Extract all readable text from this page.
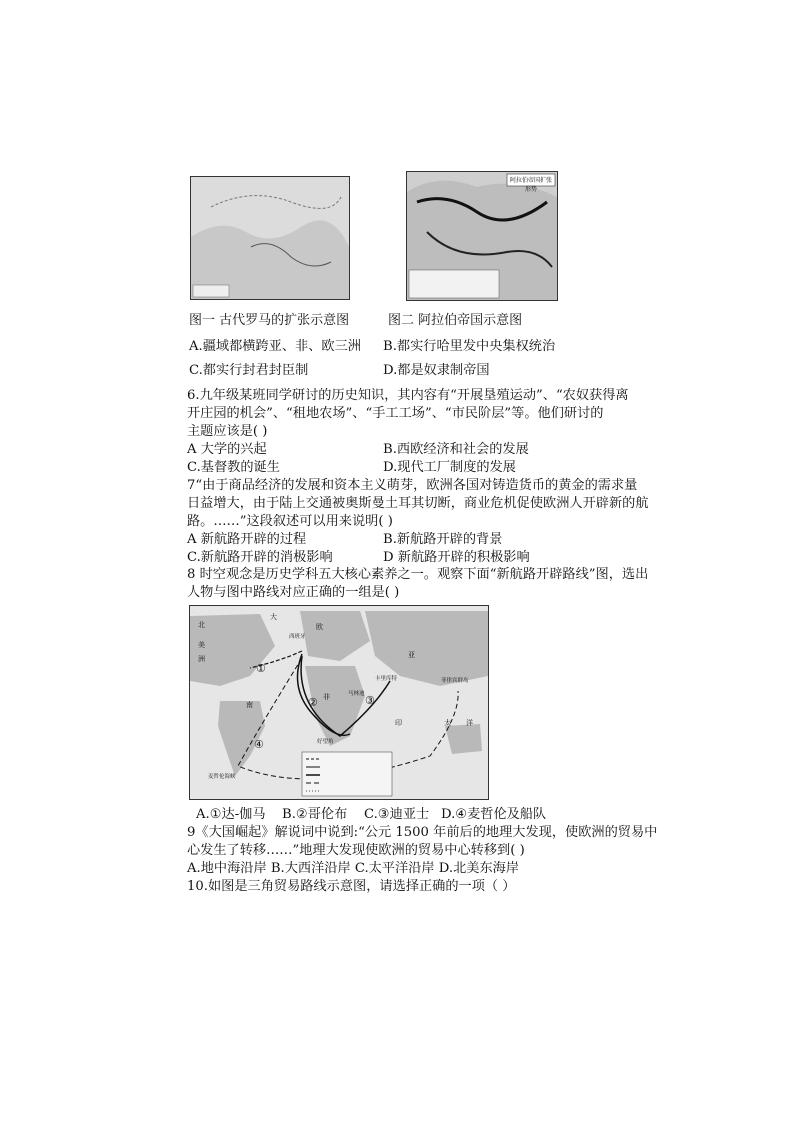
阿拉伯帝国扩张形势
图一 古代罗马的扩张示意图	图二 阿拉伯帝国示意图
A.疆域都横跨亚、非、欧三洲 B.都实行哈里发中央集权统治
C.都实行封君封臣制	D.都是奴隶制帝国
6.九年级某班同学研讨的历史知识，其内容有“开展垦殖运动”、“农奴获得离
开庄园的机会”、“租地农场”、“手工工场”、“市民阶层”等。他们研讨的
主题应该是( )
A 大学的兴起	B.西欧经济和社会的发展
C.基督教的诞生	D.现代工厂制度的发展
7“由于商品经济的发展和资本主义萌芽，欧洲各国对铸造货币的黄金的需求量
日益增大，由于陆上交通被奥斯曼土耳其切断，商业危机促使欧洲人开辟新的航
路。……”这段叙述可以用来说明( )
A 新航路开辟的过程	B.新航路开辟的背景
C.新航路开辟的消极影响	D 新航路开辟的积极影响
8 时空观念是历史学科五大核心素养之一。观察下面“新航路开辟路线”图，选出
人物与图中路线对应正确的一组是( )
北
美
洲
欧
亚
非
南
大
印	太 洋
西班牙
卡里库特
马林迪
好望角
菲律宾群岛
麦哲伦海峡
①
②	③
④
A.①达-伽马 B.②哥伦布 C.③迪亚士 D.④麦哲伦及船队
9《大国崛起》解说词中说到:“公元 1500 年前后的地理大发现，使欧洲的贸易中
心发生了转移……”地理大发现使欧洲的贸易中心转移到( )
A.地中海沿岸 B.大西洋沿岸 C.太平洋沿岸 D.北美东海岸
10.如图是三角贸易路线示意图，请选择正确的一项（ ）
